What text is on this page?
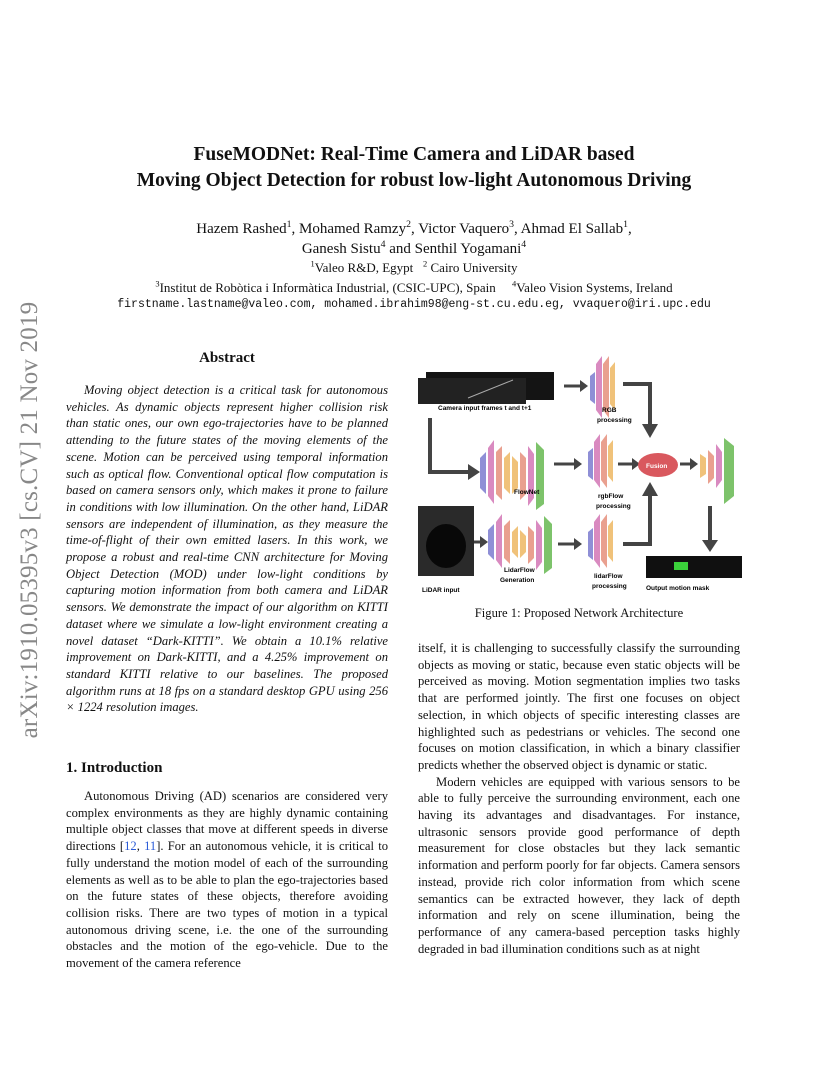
arXiv:1910.05395v3 [cs.CV] 21 Nov 2019
FuseMODNet: Real-Time Camera and LiDAR based
Moving Object Detection for robust low-light Autonomous Driving
Hazem Rashed$^1$, Mohamed Ramzy$^2$, Victor Vaquero$^3$, Ahmad El Sallab$^1$,
Ganesh Sistu$^4$ and Senthil Yogamani$^4$
$^1$Valeo R&D, Egypt $^2$ Cairo University
$^3$Institut de Robòtica i Informàtica Industrial, (CSIC-UPC), Spain $^4$Valeo Vision Systems, Ireland
firstname.lastname@valeo.com, mohamed.ibrahim98@eng-st.cu.edu.eg, vvaquero@iri.upc.edu
Abstract

Moving object detection is a critical task for autonomous vehicles. As dynamic objects represent higher collision risk than static ones, our own ego-trajectories have to be planned attending to the future states of the moving elements of the scene. Motion can be perceived using temporal information such as optical flow. Conventional optical flow computation is based on camera sensors only, which makes it prone to failure in conditions with low illumination. On the other hand, LiDAR sensors are independent of illumination, as they measure the time-of-flight of their own emitted lasers. In this work, we propose a robust and real-time CNN architecture for Moving Object Detection (MOD) under low-light conditions by capturing motion information from both camera and LiDAR sensors. We demonstrate the impact of our algorithm on KITTI dataset where we simulate a low-light environment creating a novel dataset “Dark-KITTI”. We obtain a 10.1% relative improvement on Dark-KITTI, and a 4.25% improvement on standard KITTI relative to our baselines. The proposed algorithm runs at 18 fps on a standard desktop GPU using 256 × 1224 resolution images.

1. Introduction

Autonomous Driving (AD) scenarios are considered very complex environments as they are highly dynamic containing multiple object classes that move at different speeds in diverse directions [12, 11]. For an autonomous vehicle, it is critical to fully understand the motion model of each of the surrounding elements as well as to be able to plan the ego-trajectories based on the future states of these objects, therefore avoiding collision risks. There are two types of motion in a typical autonomous driving scene, i.e. the one of the surrounding obstacles and the motion of the ego-vehicle. Due to the movement of the camera reference

Camera input frames t and t+1	RGB
processing
FlowNet
rgbFlow
processing
Fusion
LiDAR input
LidarFlow
Generation
lidarFlow
processing	Output motion mask
Figure 1: Proposed Network Architecture

itself, it is challenging to successfully classify the surrounding objects as moving or static, because even static objects will be perceived as moving. Motion segmentation implies two tasks that are performed jointly. The first one focuses on object selection, in which objects of specific interesting classes are highlighted such as pedestrians or vehicles. The second one focuses on motion classification, in which a binary classifier predicts whether the observed object is dynamic or static.

Modern vehicles are equipped with various sensors to be able to fully perceive the surrounding environment, each one having its advantages and disadvantages. For instance, ultrasonic sensors provide good performance of depth measurement for close obstacles but they lack semantic information and perform poorly for far objects. Camera sensors instead, provide rich color information from which scene semantics can be extracted however, they lack of depth information and rely on scene illumination, being the performance of any camera-based perception tasks highly degraded in bad illumination conditions such as at night
